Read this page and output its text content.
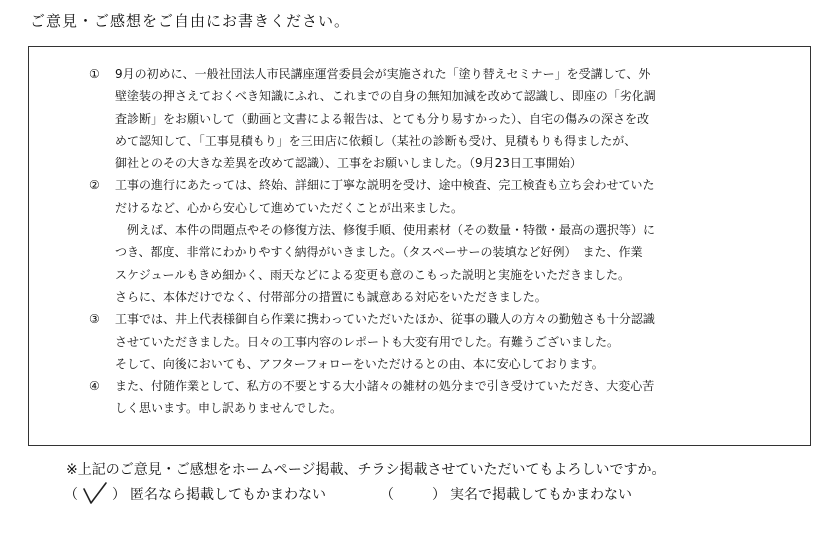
ご意見・ご感想をご自由にお書きください。
①	9月の初めに、一般社団法人市民講座運営委員会が実施された「塗り替えセミナー」を受講して、外
壁塗装の押さえておくべき知識にふれ、これまでの自身の無知加減を改めて認識し、即座の「劣化調
査診断」をお願いして（動画と文書による報告は、とても分り易すかった）、自宅の傷みの深さを改
めて認知して、「工事見積もり」を三田店に依頼し（某社の診断も受け、見積もりも得ましたが、
御社とのその大きな差異を改めて認識）、工事をお願いしました。（9月23日工事開始）
②	工事の進行にあたっては、終始、詳細に丁寧な説明を受け、途中検査、完工検査も立ち会わせていた
だけるなど、心から安心して進めていただくことが出来ました。
　例えば、本件の問題点やその修復方法、修復手順、使用素材（その数量・特徴・最高の選択等）に
つき、都度、非常にわかりやすく納得がいきました。（タスペーサーの装填など好例）　また、作業
スケジュールもきめ細かく、雨天などによる変更も意のこもった説明と実施をいただきました。
さらに、本体だけでなく、付帯部分の措置にも誠意ある対応をいただきました。
③	工事では、井上代表様御自ら作業に携わっていただいたほか、従事の職人の方々の勤勉さも十分認識
させていただきました。日々の工事内容のレポートも大変有用でした。有難うございました。
そして、向後においても、アフターフォローをいただけるとの由、本に安心しております。
④	また、付随作業として、私方の不要とする大小諸々の雑材の処分まで引き受けていただき、大変心苦
しく思います。申し訳ありませんでした。
※上記のご意見・ご感想をホームページ掲載、チラシ掲載させていただいてもよろしいですか。
（ ） 匿名なら掲載してもかまわない	（	） 実名で掲載してもかまわない
